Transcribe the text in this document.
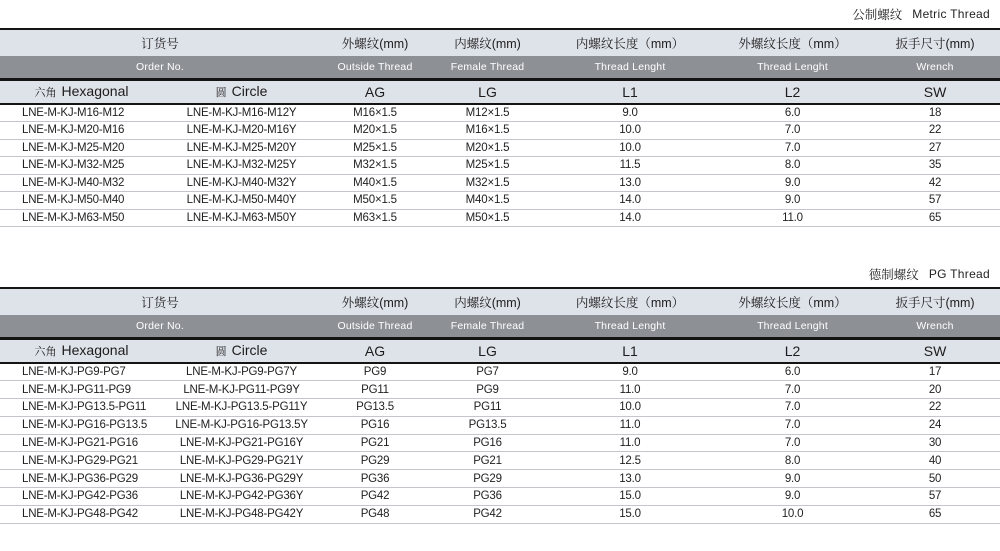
公制螺纹 Metric Thread
订货号		外螺纹(mm)	内螺纹(mm)	内螺纹长度（mm）	外螺纹长度（mm）	扳手尺寸(mm)
Order No.		Outside Thread	Female Thread	Thread Lenght	Thread Lenght	Wrench
六角 Hexagonal	圆 Circle	AG	LG	L1	L2	SW
LNE-M-KJ-M16-M12	LNE-M-KJ-M16-M12Y	M16×1.5	M12×1.5	9.0	6.0	18
LNE-M-KJ-M20-M16	LNE-M-KJ-M20-M16Y	M20×1.5	M16×1.5	10.0	7.0	22
LNE-M-KJ-M25-M20	LNE-M-KJ-M25-M20Y	M25×1.5	M20×1.5	10.0	7.0	27
LNE-M-KJ-M32-M25	LNE-M-KJ-M32-M25Y	M32×1.5	M25×1.5	11.5	8.0	35
LNE-M-KJ-M40-M32	LNE-M-KJ-M40-M32Y	M40×1.5	M32×1.5	13.0	9.0	42
LNE-M-KJ-M50-M40	LNE-M-KJ-M50-M40Y	M50×1.5	M40×1.5	14.0	9.0	57
LNE-M-KJ-M63-M50	LNE-M-KJ-M63-M50Y	M63×1.5	M50×1.5	14.0	11.0	65
德制螺纹 PG Thread
订货号		外螺纹(mm)	内螺纹(mm)	内螺纹长度（mm）	外螺纹长度（mm）	扳手尺寸(mm)
Order No.		Outside Thread	Female Thread	Thread Lenght	Thread Lenght	Wrench
六角 Hexagonal	圆 Circle	AG	LG	L1	L2	SW
LNE-M-KJ-PG9-PG7	LNE-M-KJ-PG9-PG7Y	PG9	PG7	9.0	6.0	17
LNE-M-KJ-PG11-PG9	LNE-M-KJ-PG11-PG9Y	PG11	PG9	11.0	7.0	20
LNE-M-KJ-PG13.5-PG11	LNE-M-KJ-PG13.5-PG11Y	PG13.5	PG11	10.0	7.0	22
LNE-M-KJ-PG16-PG13.5	LNE-M-KJ-PG16-PG13.5Y	PG16	PG13.5	11.0	7.0	24
LNE-M-KJ-PG21-PG16	LNE-M-KJ-PG21-PG16Y	PG21	PG16	11.0	7.0	30
LNE-M-KJ-PG29-PG21	LNE-M-KJ-PG29-PG21Y	PG29	PG21	12.5	8.0	40
LNE-M-KJ-PG36-PG29	LNE-M-KJ-PG36-PG29Y	PG36	PG29	13.0	9.0	50
LNE-M-KJ-PG42-PG36	LNE-M-KJ-PG42-PG36Y	PG42	PG36	15.0	9.0	57
LNE-M-KJ-PG48-PG42	LNE-M-KJ-PG48-PG42Y	PG48	PG42	15.0	10.0	65
